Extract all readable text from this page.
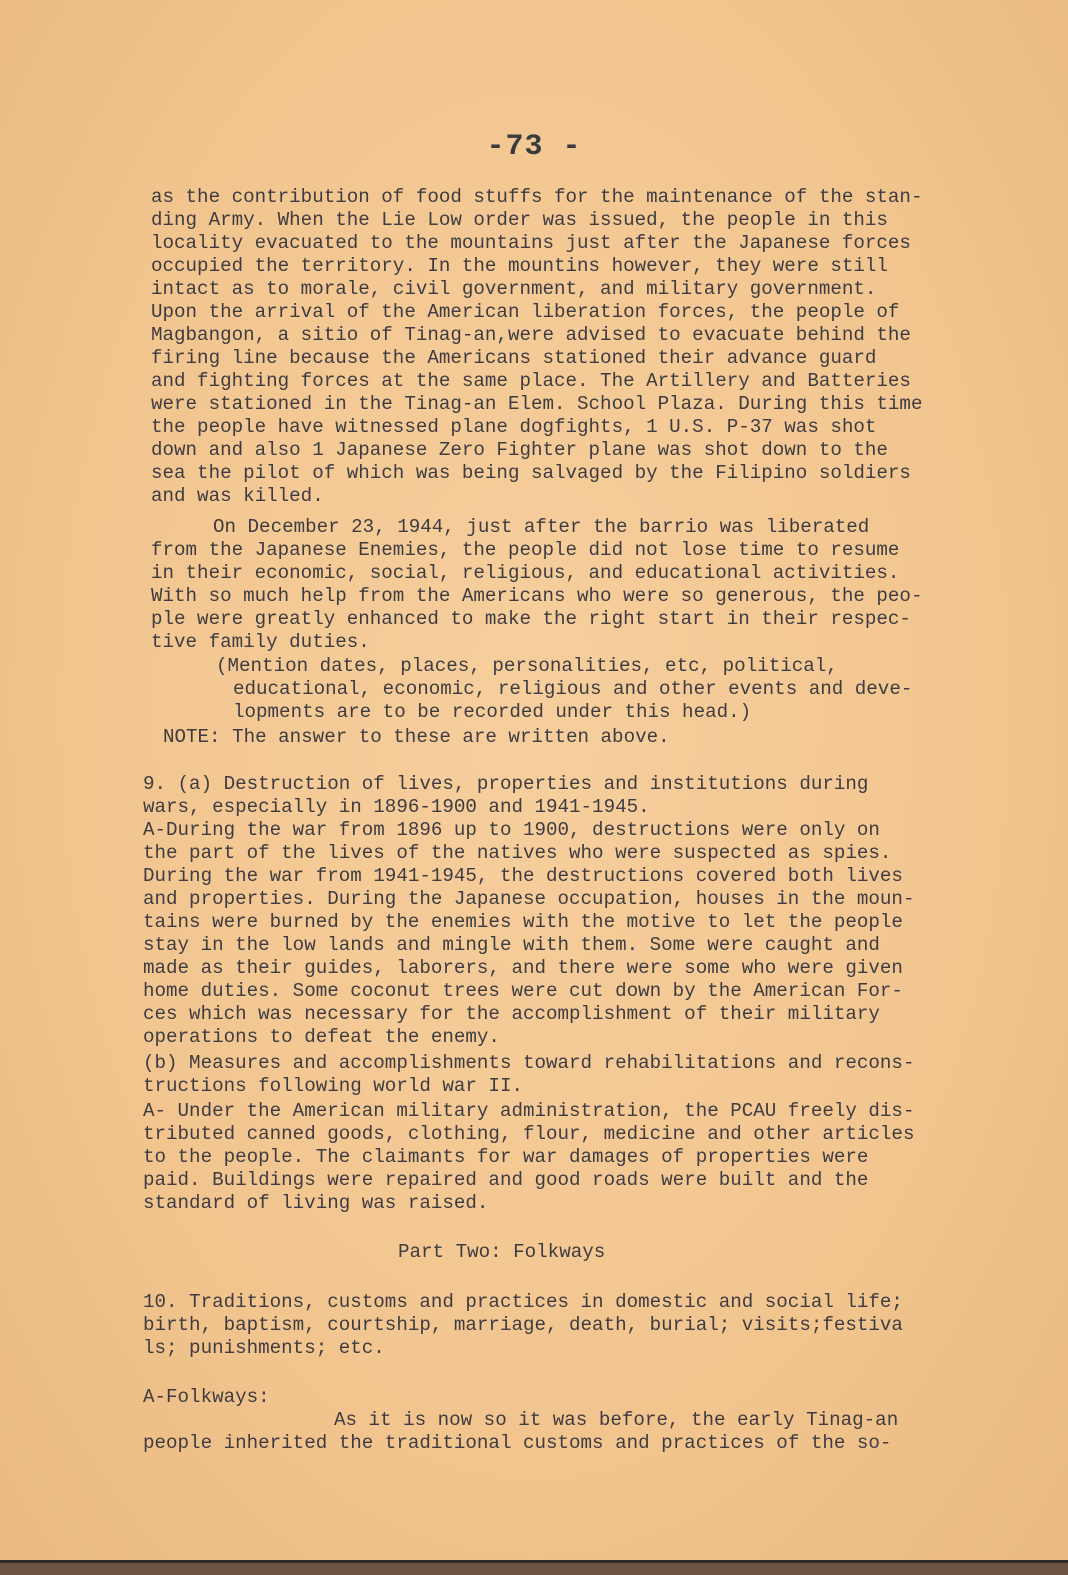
-73 -
as the contribution of food stuffs for the maintenance of the stan-
ding Army. When the Lie Low order was issued, the people in this
locality evacuated to the mountains just after the Japanese forces
occupied the territory. In the mountins however, they were still
intact as to morale, civil government, and military government.
Upon the arrival of the American liberation forces, the people of
Magbangon, a sitio of Tinag-an,were advised to evacuate behind the
firing line because the Americans stationed their advance guard
and fighting forces at the same place. The Artillery and Batteries
were stationed in the Tinag-an Elem. School Plaza. During this time
the people have witnessed plane dogfights, 1 U.S. P-37 was shot
down and also 1 Japanese Zero Fighter plane was shot down to the
sea the pilot of which was being salvaged by the Filipino soldiers
and was killed.
On December 23, 1944, just after the barrio was liberated
from the Japanese Enemies, the people did not lose time to resume
in their economic, social, religious, and educational activities.
With so much help from the Americans who were so generous, the peo-
ple were greatly enhanced to make the right start in their respec-
tive family duties.
(Mention dates, places, personalities, etc, political,
educational, economic, religious and other events and deve-
lopments are to be recorded under this head.)
NOTE: The answer to these are written above.
9. (a) Destruction of lives, properties and institutions during
wars, especially in 1896-1900 and 1941-1945.
A-During the war from 1896 up to 1900, destructions were only on
the part of the lives of the natives who were suspected as spies.
During the war from 1941-1945, the destructions covered both lives
and properties. During the Japanese occupation, houses in the moun-
tains were burned by the enemies with the motive to let the people
stay in the low lands and mingle with them. Some were caught and
made as their guides, laborers, and there were some who were given
home duties. Some coconut trees were cut down by the American For-
ces which was necessary for the accomplishment of their military
operations to defeat the enemy.
(b) Measures and accomplishments toward rehabilitations and recons-
tructions following world war II.
A- Under the American military administration, the PCAU freely dis-
tributed canned goods, clothing, flour, medicine and other articles
to the people. The claimants for war damages of properties were
paid. Buildings were repaired and good roads were built and the
standard of living was raised.
Part Two: Folkways
10. Traditions, customs and practices in domestic and social life;
birth, baptism, courtship, marriage, death, burial; visits;festiva
ls; punishments; etc.
A-Folkways:
As it is now so it was before, the early Tinag-an
people inherited the traditional customs and practices of the so-
